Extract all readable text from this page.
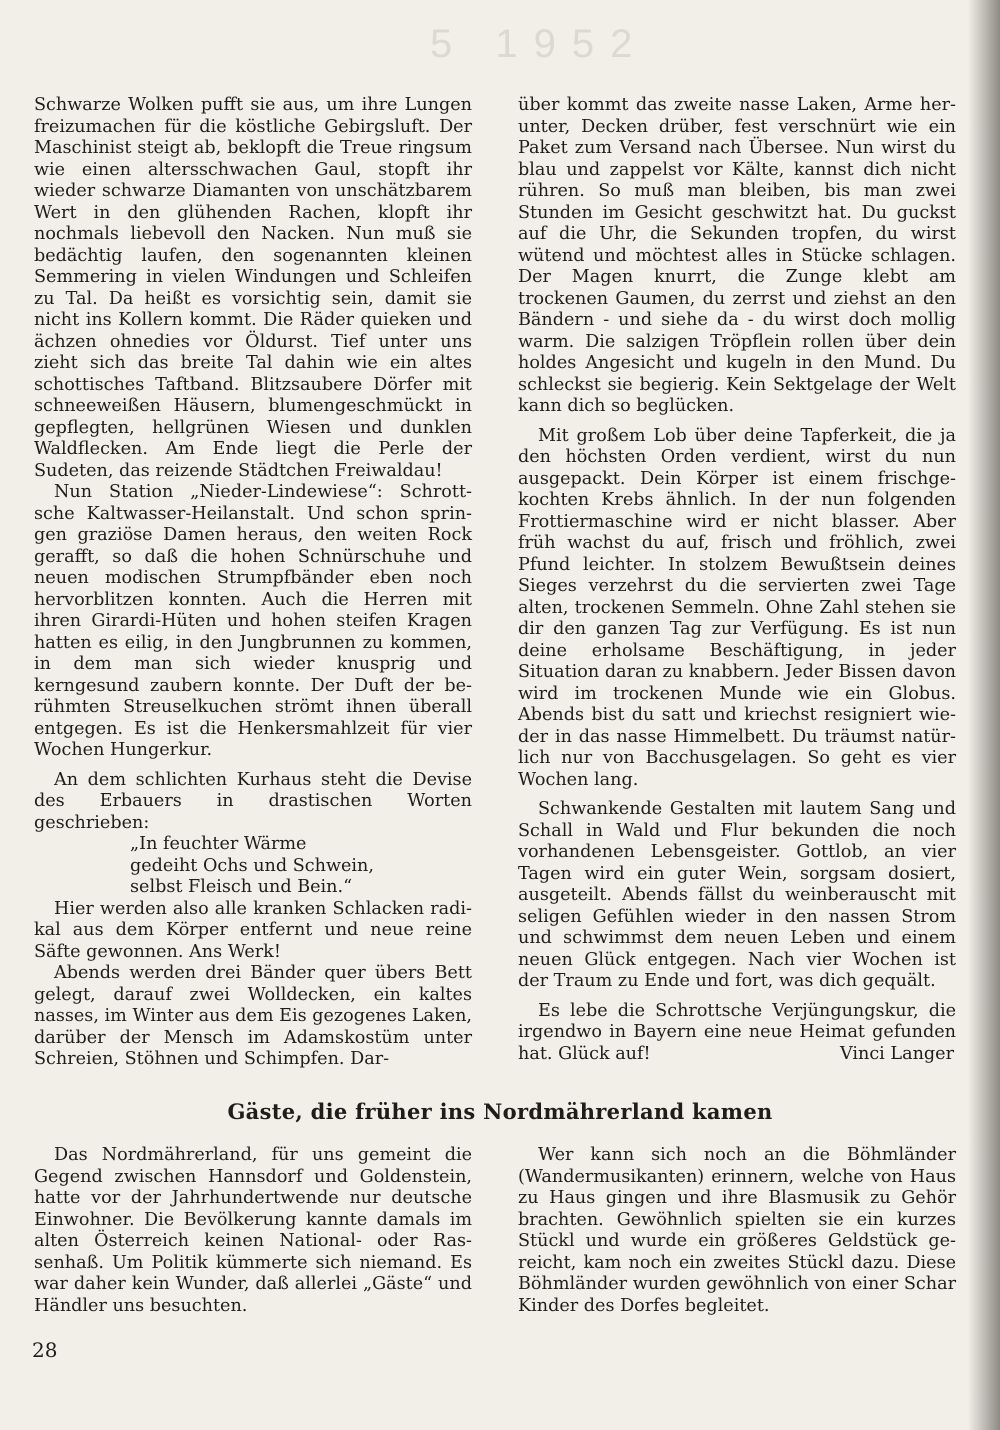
5 1952

Schwarze Wolken pufft sie aus, um ihre Lungen freizumachen für die köstliche Gebirgsluft. Der Maschinist steigt ab, beklopft die Treue ringsum wie einen altersschwachen Gaul, stopft ihr wieder schwarze Diamanten von unschätzbarem Wert in den glühenden Rachen, klopft ihr nochmals liebevoll den Nacken. Nun muß sie bedächtig laufen, den sogenannten kleinen Semmering in vielen Windungen und Schleifen zu Tal. Da heißt es vorsichtig sein, damit sie nicht ins Kollern kommt. Die Räder quieken und ächzen ohnedies vor Öldurst. Tief unter uns zieht sich das breite Tal dahin wie ein altes schottisches Taftband. Blitzsaubere Dörfer mit schneeweißen Häusern, blumengeschmückt in gepflegten, hellgrünen Wiesen und dunklen Waldflecken. Am Ende liegt die Perle der Sudeten, das reizende Städtchen Freiwaldau!

Nun Station „Nieder-Lindewiese“: Schrottsche Kaltwasser-Heilanstalt. Und schon springen graziöse Damen heraus, den weiten Rock gerafft, so daß die hohen Schnürschuhe und neuen modischen Strumpfbänder eben noch hervorblitzen konnten. Auch die Herren mit ihren Girardi-Hüten und hohen steifen Kragen hatten es eilig, in den Jungbrunnen zu kommen, in dem man sich wieder knusprig und kerngesund zaubern konnte. Der Duft der berühmten Streuselkuchen strömt ihnen überall entgegen. Es ist die Henkersmahlzeit für vier Wochen Hungerkur.

An dem schlichten Kurhaus steht die Devise des Erbauers in drastischen Worten geschrieben:

„In feuchter Wärme
gedeiht Ochs und Schwein,
selbst Fleisch und Bein.“

Hier werden also alle kranken Schlacken radikal aus dem Körper entfernt und neue reine Säfte gewonnen. Ans Werk!

Abends werden drei Bänder quer übers Bett gelegt, darauf zwei Wolldecken, ein kaltes nasses, im Winter aus dem Eis gezogenes Laken, darüber der Mensch im Adamskostüm unter Schreien, Stöhnen und Schimpfen. Dar-

über kommt das zweite nasse Laken, Arme herunter, Decken drüber, fest verschnürt wie ein Paket zum Versand nach Übersee. Nun wirst du blau und zappelst vor Kälte, kannst dich nicht rühren. So muß man bleiben, bis man zwei Stunden im Gesicht geschwitzt hat. Du guckst auf die Uhr, die Sekunden tropfen, du wirst wütend und möchtest alles in Stücke schlagen. Der Magen knurrt, die Zunge klebt am trockenen Gaumen, du zerrst und ziehst an den Bändern - und siehe da - du wirst doch mollig warm. Die salzigen Tröpflein rollen über dein holdes Angesicht und kugeln in den Mund. Du schleckst sie begierig. Kein Sektgelage der Welt kann dich so beglücken.

Mit großem Lob über deine Tapferkeit, die ja den höchsten Orden verdient, wirst du nun ausgepackt. Dein Körper ist einem frischgekochten Krebs ähnlich. In der nun folgenden Frottiermaschine wird er nicht blasser. Aber früh wachst du auf, frisch und fröhlich, zwei Pfund leichter. In stolzem Bewußtsein deines Sieges verzehrst du die servierten zwei Tage alten, trockenen Semmeln. Ohne Zahl stehen sie dir den ganzen Tag zur Verfügung. Es ist nun deine erholsame Beschäftigung, in jeder Situation daran zu knabbern. Jeder Bissen davon wird im trockenen Munde wie ein Globus. Abends bist du satt und kriechst resigniert wieder in das nasse Himmelbett. Du träumst natürlich nur von Bacchusgelagen. So geht es vier Wochen lang.

Schwankende Gestalten mit lautem Sang und Schall in Wald und Flur bekunden die noch vorhandenen Lebensgeister. Gottlob, an vier Tagen wird ein guter Wein, sorgsam dosiert, ausgeteilt. Abends fällst du weinberauscht mit seligen Gefühlen wieder in den nassen Strom und schwimmst dem neuen Leben und einem neuen Glück entgegen. Nach vier Wochen ist der Traum zu Ende und fort, was dich gequält.

Es lebe die Schrottsche Verjüngungskur, die irgendwo in Bayern eine neue Heimat gefunden hat. Glück auf!	Vinci Langer
Gäste, die früher ins Nordmährerland kamen

Das Nordmährerland, für uns gemeint die Gegend zwischen Hannsdorf und Goldenstein, hatte vor der Jahrhundertwende nur deutsche Einwohner. Die Bevölkerung kannte damals im alten Österreich keinen National- oder Rassenhaß. Um Politik kümmerte sich niemand. Es war daher kein Wunder, daß allerlei „Gäste“ und Händler uns besuchten.

Wer kann sich noch an die Böhmländer (Wandermusikanten) erinnern, welche von Haus zu Haus gingen und ihre Blasmusik zu Gehör brachten. Gewöhnlich spielten sie ein kurzes Stückl und wurde ein größeres Geldstück gereicht, kam noch ein zweites Stückl dazu. Diese Böhmländer wurden gewöhnlich von einer Schar Kinder des Dorfes begleitet.

28
